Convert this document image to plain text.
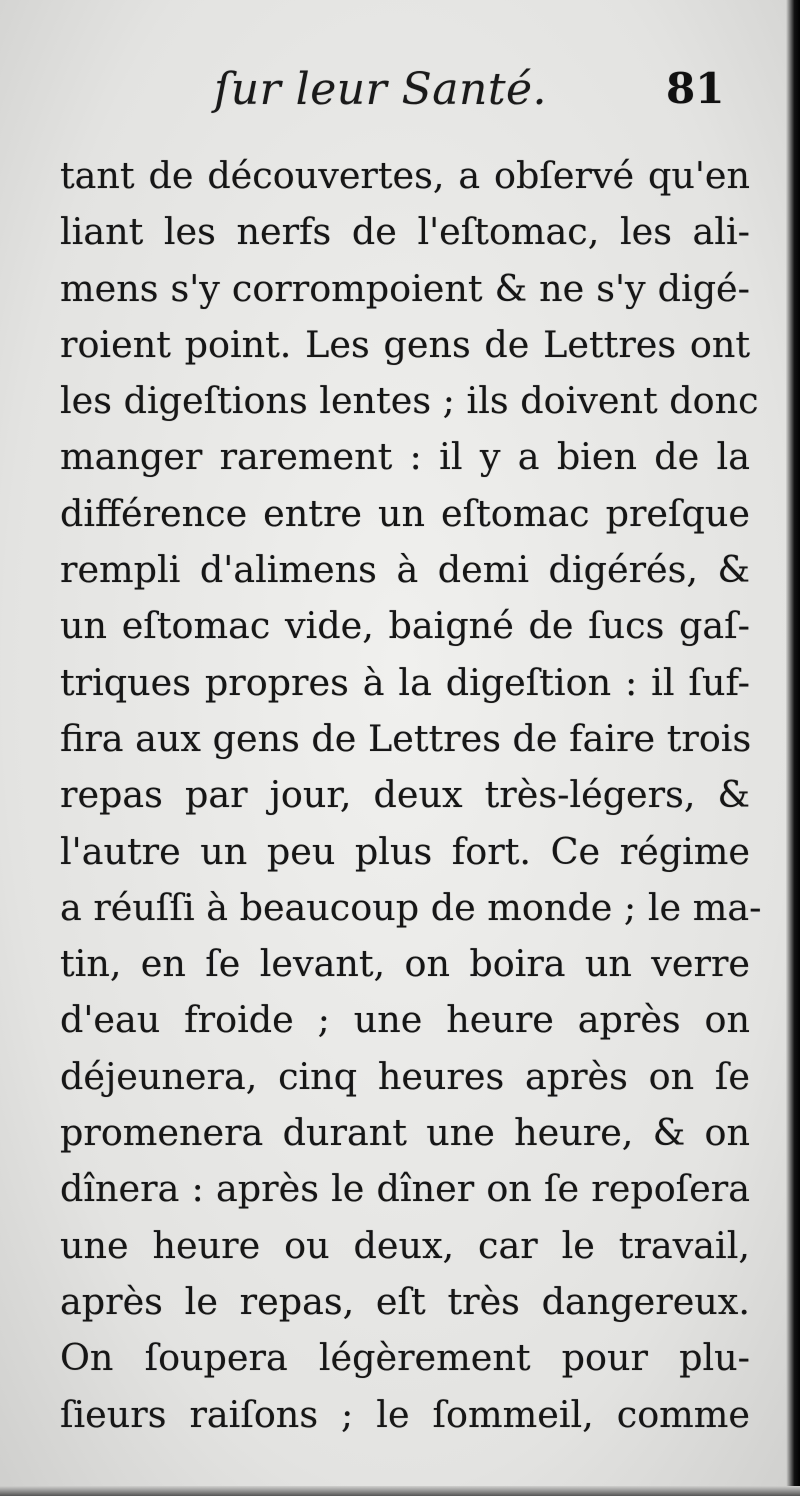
ſur leur Santé.	81
tant de découvertes, a obſervé qu'en
liant les nerfs de l'eſtomac, les ali-
mens s'y corrompoient & ne s'y digé-
roient point. Les gens de Lettres ont
les digeſtions lentes ; ils doivent donc
manger rarement : il y a bien de la
différence entre un eſtomac preſque
rempli d'alimens à demi digérés, &
un eſtomac vide, baigné de ſucs gaſ-
triques propres à la digeſtion : il ſuf-
fira aux gens de Lettres de faire trois
repas par jour, deux très-légers, &
l'autre un peu plus fort. Ce régime
a réuſſi à beaucoup de monde ; le ma-
tin, en ſe levant, on boira un verre
d'eau froide ; une heure après on
déjeunera, cinq heures après on ſe
promenera durant une heure, & on
dînera : après le dîner on ſe repoſera
une heure ou deux, car le travail,
après le repas, eſt très dangereux.
On ſoupera légèrement pour plu-
ſieurs raiſons ; le ſommeil, comme
